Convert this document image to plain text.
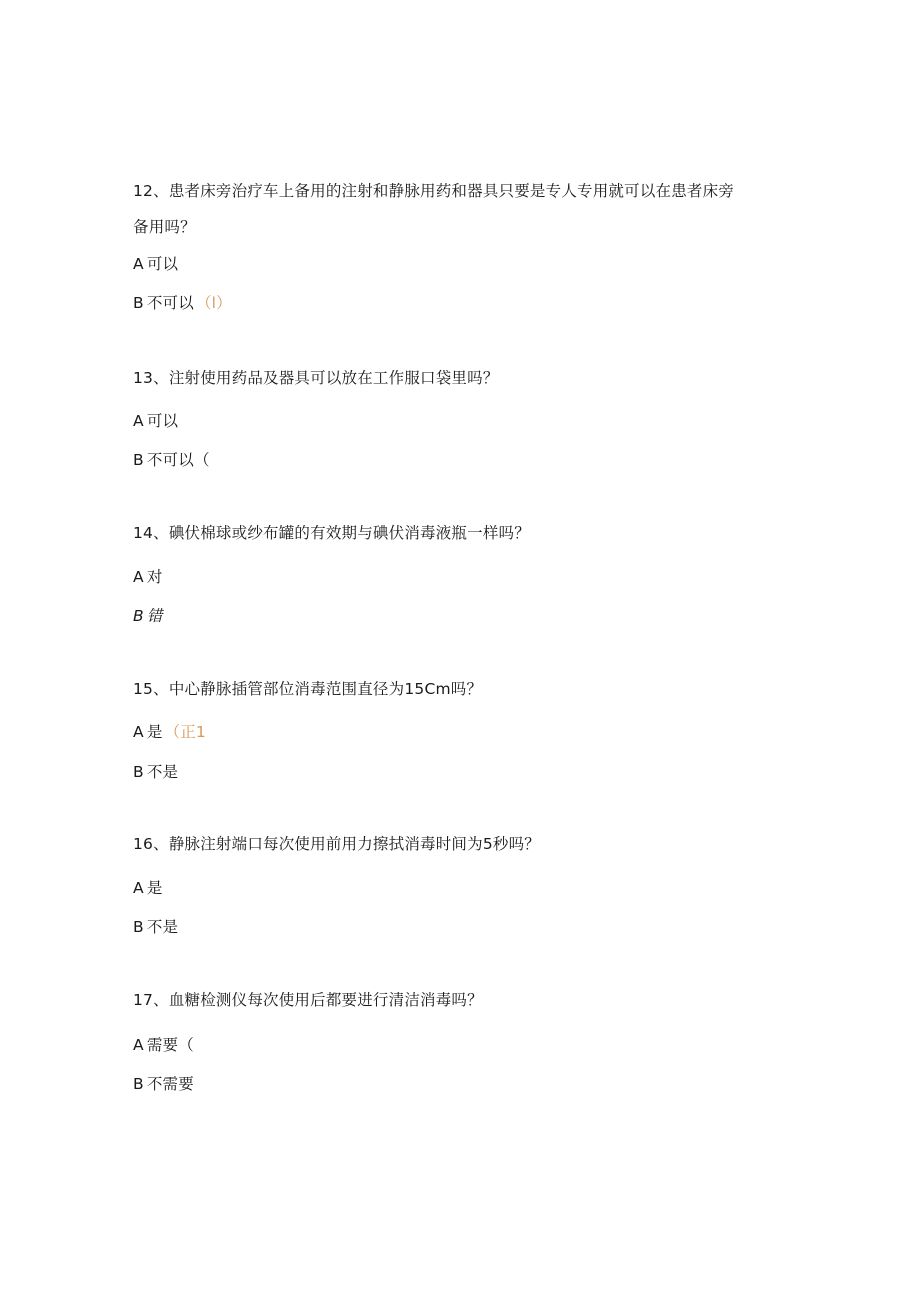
12、患者床旁治疗车上备用的注射和静脉用药和器具只要是专人专用就可以在患者床旁
备用吗？
A 可以
B 不可以 （l）
13、注射使用药品及器具可以放在工作服口袋里吗？
A 可以
B 不可以（
14、碘伏棉球或纱布罐的有效期与碘伏消毒液瓶一样吗？
A 对
B 错
15、中心静脉插管部位消毒范围直径为15Cm吗？
A 是 （正1
B 不是
16、静脉注射端口每次使用前用力擦拭消毒时间为5秒吗？
A 是
B 不是
17、血糖检测仪每次使用后都要进行清洁消毒吗？
A 需要（
B 不需要
